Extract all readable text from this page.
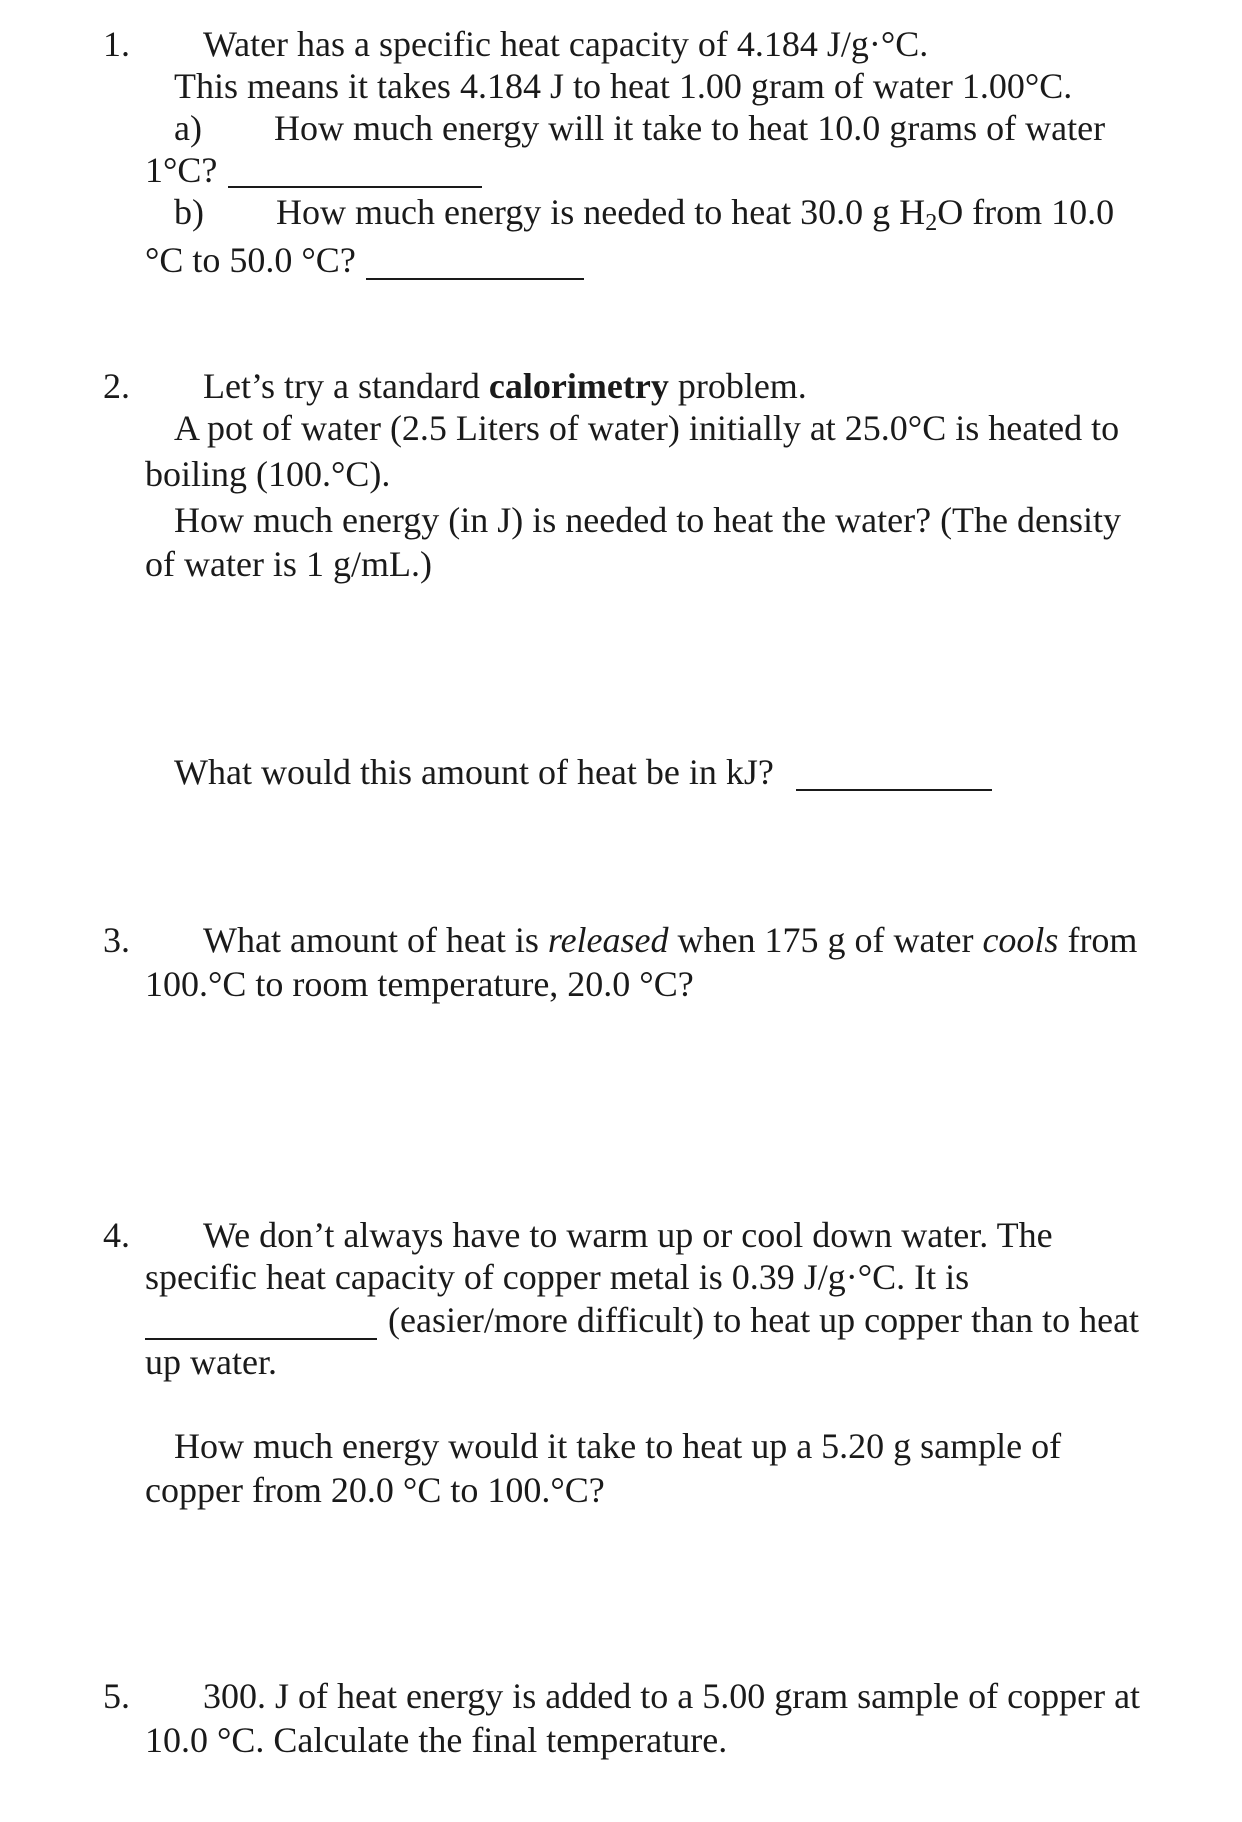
1. Water has a specific heat capacity of 4.184 J/g·°C.
This means it takes 4.184 J to heat 1.00 gram of water 1.00°C.
a) How much energy will it take to heat 10.0 grams of water
1°C?
b) How much energy is needed to heat 30.0 g $H_2O$ from 10.0
°C to 50.0 °C?
2. Let’s try a standard calorimetry problem.
A pot of water (2.5 Liters of water) initially at 25.0°C is heated to
boiling (100.°C).
How much energy (in J) is needed to heat the water? (The density
of water is 1 g/mL.)
What would this amount of heat be in kJ?
3. What amount of heat is released when 175 g of water cools from
100.°C to room temperature, 20.0 °C?
4. We don’t always have to warm up or cool down water. The
specific heat capacity of copper metal is 0.39 J/g·°C. It is
(easier/more difficult) to heat up copper than to heat
up water.
How much energy would it take to heat up a 5.20 g sample of
copper from 20.0 °C to 100.°C?
5. 300. J of heat energy is added to a 5.00 gram sample of copper at
10.0 °C. Calculate the final temperature.
